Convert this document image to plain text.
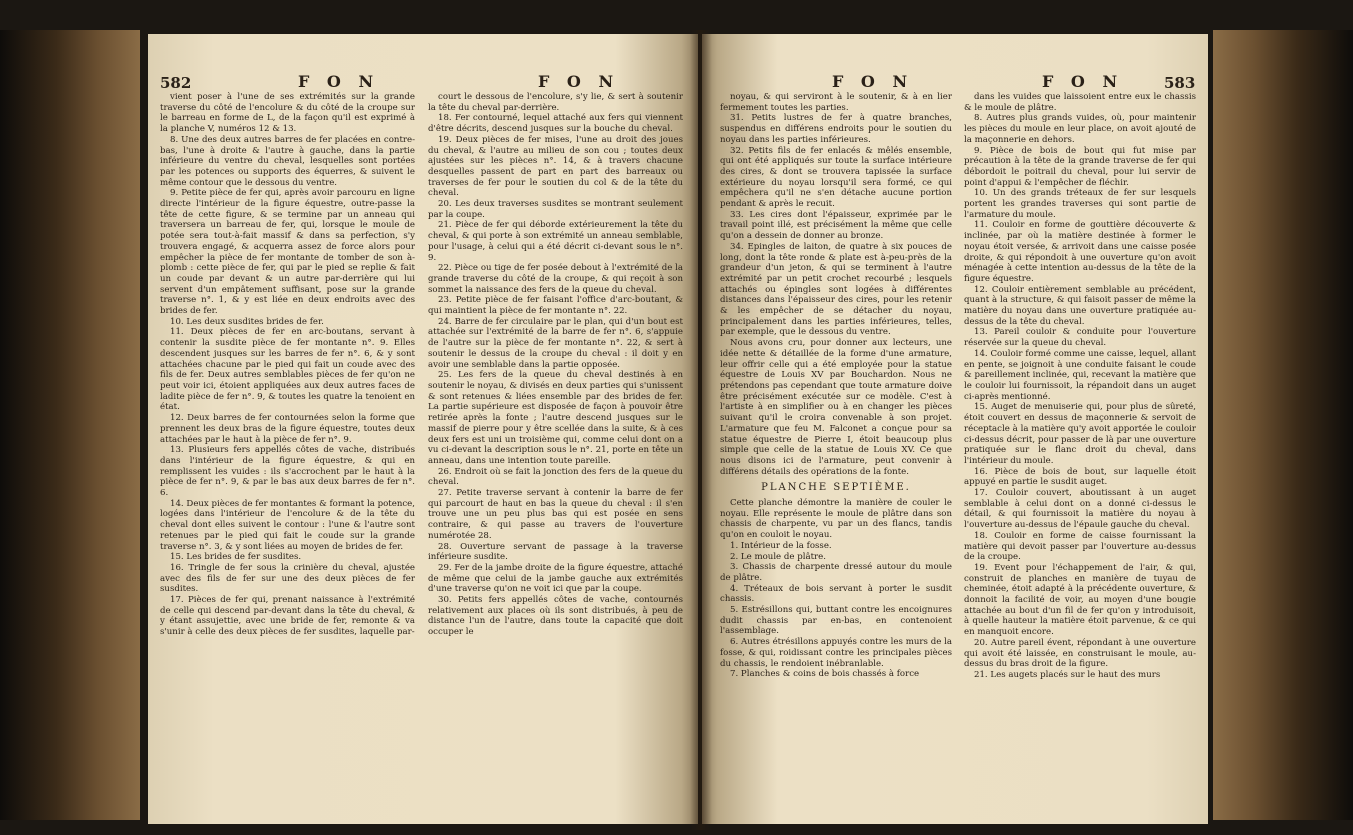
582	F O N	F O N

vient poser à l'une de ses extrémités sur la grande traverse du côté de l'encolure & du côté de la croupe sur le barreau en forme de L, de la façon qu'il est exprimé à la planche V, numéros 12 & 13.

8. Une des deux autres barres de fer placées en contre-bas, l'une à droite & l'autre à gauche, dans la partie inférieure du ventre du cheval, lesquelles sont portées par les potences ou supports des équerres, & suivent le même contour que le dessous du ventre.

9. Petite pièce de fer qui, après avoir parcouru en ligne directe l'intérieur de la figure équestre, outre-passe la tête de cette figure, & se termine par un anneau qui traversera un barreau de fer, qui, lorsque le moule de potée sera tout-à-fait massif & dans sa perfection, s'y trouvera engagé, & acquerra assez de force alors pour empêcher la pièce de fer montante de tomber de son à-plomb : cette pièce de fer, qui par le pied se replie & fait un coude par devant & un autre par-derrière qui lui servent d'un empâtement suffisant, pose sur la grande traverse n°. 1, & y est liée en deux endroits avec des brides de fer.

10. Les deux susdites brides de fer.

11. Deux pièces de fer en arc-boutans, servant à contenir la susdite pièce de fer montante n°. 9. Elles descendent jusques sur les barres de fer n°. 6, & y sont attachées chacune par le pied qui fait un coude avec des fils de fer. Deux autres semblables pièces de fer qu'on ne peut voir ici, étoient appliquées aux deux autres faces de ladite pièce de fer n°. 9, & toutes les quatre la tenoient en état.

12. Deux barres de fer contournées selon la forme que prennent les deux bras de la figure équestre, toutes deux attachées par le haut à la pièce de fer n°. 9.

13. Plusieurs fers appellés côtes de vache, distribués dans l'intérieur de la figure équestre, & qui en remplissent les vuides : ils s'accrochent par le haut à la pièce de fer n°. 9, & par le bas aux deux barres de fer n°. 6.

14. Deux pièces de fer montantes & formant la potence, logées dans l'intérieur de l'encolure & de la tête du cheval dont elles suivent le contour : l'une & l'autre sont retenues par le pied qui fait le coude sur la grande traverse n°. 3, & y sont liées au moyen de brides de fer.

15. Les brides de fer susdites.

16. Tringle de fer sous la crinière du cheval, ajustée avec des fils de fer sur une des deux pièces de fer susdites.

17. Pièces de fer qui, prenant naissance à l'extrémité de celle qui descend par-devant dans la tête du cheval, & y étant assujettie, avec une bride de fer, remonte & va s'unir à celle des deux pièces de fer susdites, laquelle par-

court le dessous de l'encolure, s'y lie, & sert à soutenir la tête du cheval par-derrière.

18. Fer contourné, lequel attaché aux fers qui viennent d'être décrits, descend jusques sur la bouche du cheval.

19. Deux pièces de fer mises, l'une au droit des joues du cheval, & l'autre au milieu de son cou ; toutes deux ajustées sur les pièces n°. 14, & à travers chacune desquelles passent de part en part des barreaux ou traverses de fer pour le soutien du col & de la tête du cheval.

20. Les deux traverses susdites se montrant seulement par la coupe.

21. Pièce de fer qui déborde extérieurement la tête du cheval, & qui porte à son extrémité un anneau semblable, pour l'usage, à celui qui a été décrit ci-devant sous le n°. 9.

22. Pièce ou tige de fer posée debout à l'extrémité de la grande traverse du côté de la croupe, & qui reçoit à son sommet la naissance des fers de la queue du cheval.

23. Petite pièce de fer faisant l'office d'arc-boutant, & qui maintient la pièce de fer montante n°. 22.

24. Barre de fer circulaire par le plan, qui d'un bout est attachée sur l'extrémité de la barre de fer n°. 6, s'appuie de l'autre sur la pièce de fer montante n°. 22, & sert à soutenir le dessus de la croupe du cheval : il doit y en avoir une semblable dans la partie opposée.

25. Les fers de la queue du cheval destinés à en soutenir le noyau, & divisés en deux parties qui s'unissent & sont retenues & liées ensemble par des brides de fer. La partie supérieure est disposée de façon à pouvoir être retirée après la fonte ; l'autre descend jusques sur le massif de pierre pour y être scellée dans la suite, & à ces deux fers est uni un troisième qui, comme celui dont on a vu ci-devant la description sous le n°. 21, porte en tête un anneau, dans une intention toute pareille.

26. Endroit où se fait la jonction des fers de la queue du cheval.

27. Petite traverse servant à contenir la barre de fer qui parcourt de haut en bas la queue du cheval : il s'en trouve une un peu plus bas qui est posée en sens contraire, & qui passe au travers de l'ouverture numérotée 28.

28. Ouverture servant de passage à la traverse inférieure susdite.

29. Fer de la jambe droite de la figure équestre, attaché de même que celui de la jambe gauche aux extrémités d'une traverse qu'on ne voit ici que par la coupe.

30. Petits fers appellés côtes de vache, contournés relativement aux places où ils sont distribués, à peu de distance l'un de l'autre, dans toute la capacité que doit occuper le

F O N	F O N	583

noyau, & qui serviront à le soutenir, & à en lier fermement toutes les parties.

31. Petits lustres de fer à quatre branches, suspendus en différens endroits pour le soutien du noyau dans les parties inférieures.

32. Petits fils de fer enlacés & mêlés ensemble, qui ont été appliqués sur toute la surface intérieure des cires, & dont se trouvera tapissée la surface extérieure du noyau lorsqu'il sera formé, ce qui empêchera qu'il ne s'en détache aucune portion pendant & après le recuit.

33. Les cires dont l'épaisseur, exprimée par le travail point illé, est précisément la même que celle qu'on a dessein de donner au bronze.

34. Epingles de laiton, de quatre à six pouces de long, dont la tête ronde & plate est à-peu-près de la grandeur d'un jeton, & qui se terminent à l'autre extrémité par un petit crochet recourbé ; lesquels attachés ou épingles sont logées à différentes distances dans l'épaisseur des cires, pour les retenir & les empêcher de se détacher du noyau, principalement dans les parties inférieures, telles, par exemple, que le dessous du ventre.

Nous avons cru, pour donner aux lecteurs, une idée nette & détaillée de la forme d'une armature, leur offrir celle qui a été employée pour la statue équestre de Louis XV par Bouchardon. Nous ne prétendons pas cependant que toute armature doive être précisément exécutée sur ce modèle. C'est à l'artiste à en simplifier ou à en changer les pièces suivant qu'il le croira convenable à son projet. L'armature que feu M. Falconet a conçue pour sa statue équestre de Pierre I, étoit beaucoup plus simple que celle de la statue de Louis XV. Ce que nous disons ici de l'armature, peut convenir à différens détails des opérations de la fonte.

PLANCHE SEPTIÈME.

Cette planche démontre la manière de couler le noyau. Elle représente le moule de plâtre dans son chassis de charpente, vu par un des flancs, tandis qu'on en couloit le noyau.

1. Intérieur de la fosse.

2. Le moule de plâtre.

3. Chassis de charpente dressé autour du moule de plâtre.

4. Tréteaux de bois servant à porter le susdit chassis.

5. Estrésillons qui, buttant contre les encoignures dudit chassis par en-bas, en contenoient l'assemblage.

6. Autres étrésillons appuyés contre les murs de la fosse, & qui, roidissant contre les principales pièces du chassis, le rendoient inébranlable.

7. Planches & coins de bois chassés à force

dans les vuides que laissoient entre eux le chassis & le moule de plâtre.

8. Autres plus grands vuides, où, pour maintenir les pièces du moule en leur place, on avoit ajouté de la maçonnerie en dehors.

9. Pièce de bois de bout qui fut mise par précaution à la tête de la grande traverse de fer qui débordoit le poitrail du cheval, pour lui servir de point d'appui & l'empêcher de fléchir.

10. Un des grands tréteaux de fer sur lesquels portent les grandes traverses qui sont partie de l'armature du moule.

11. Couloir en forme de gouttière découverte & inclinée, par où la matière destinée à former le noyau étoit versée, & arrivoit dans une caisse posée droite, & qui répondoit à une ouverture qu'on avoit ménagée à cette intention au-dessus de la tête de la figure équestre.

12. Couloir entièrement semblable au précédent, quant à la structure, & qui faisoit passer de même la matière du noyau dans une ouverture pratiquée au-dessus de la tête du cheval.

13. Pareil couloir & conduite pour l'ouverture réservée sur la queue du cheval.

14. Couloir formé comme une caisse, lequel, allant en pente, se joignoit à une conduite faisant le coude & pareillement inclinée, qui, recevant la matière que le couloir lui fournissoit, la répandoit dans un auget ci-après mentionné.

15. Auget de menuiserie qui, pour plus de sûreté, étoit couvert en dessus de maçonnerie & servoit de réceptacle à la matière qu'y avoit apportée le couloir ci-dessus décrit, pour passer de là par une ouverture pratiquée sur le flanc droit du cheval, dans l'intérieur du moule.

16. Pièce de bois de bout, sur laquelle étoit appuyé en partie le susdit auget.

17. Couloir couvert, aboutissant à un auget semblable à celui dont on a donné ci-dessus le détail, & qui fournissoit la matière du noyau à l'ouverture au-dessus de l'épaule gauche du cheval.

18. Couloir en forme de caisse fournissant la matière qui devoit passer par l'ouverture au-dessus de la croupe.

19. Event pour l'échappement de l'air, & qui, construit de planches en manière de tuyau de cheminée, étoit adapté à la précédente ouverture, & donnoit la facilité de voir, au moyen d'une bougie attachée au bout d'un fil de fer qu'on y introduisoit, à quelle hauteur la matière étoit parvenue, & ce qui en manquoit encore.

20. Autre pareil évent, répondant à une ouverture qui avoit été laissée, en construisant le moule, au-dessus du bras droit de la figure.

21. Les augets placés sur le haut des murs
